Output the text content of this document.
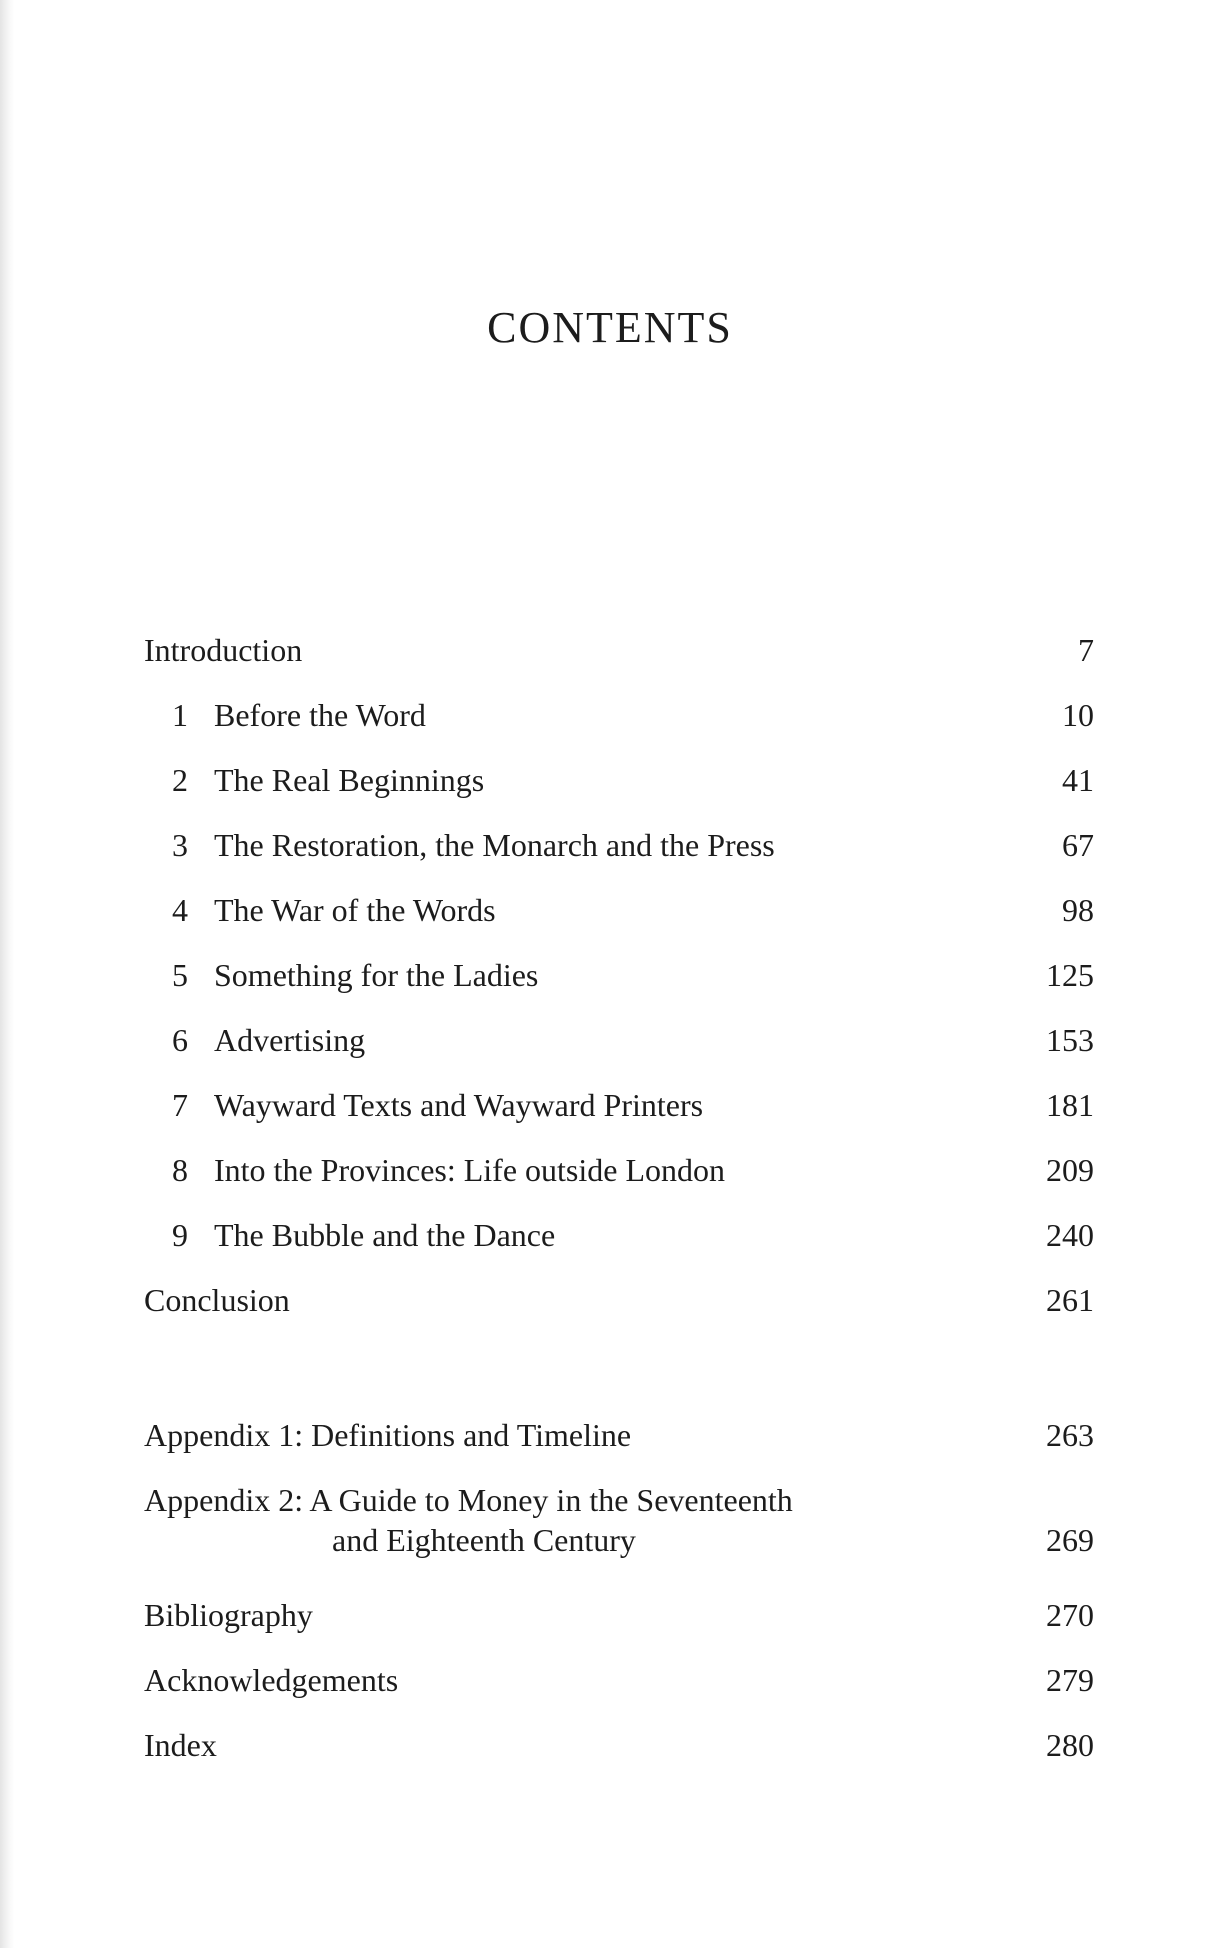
CONTENTS
Introduction	7
1 Before the Word	10
2 The Real Beginnings	41
3 The Restoration, the Monarch and the Press	67
4 The War of the Words	98
5 Something for the Ladies	125
6 Advertising	153
7 Wayward Texts and Wayward Printers	181
8 Into the Provinces: Life outside London	209
9 The Bubble and the Dance	240
Conclusion	261
Appendix 1: Definitions and Timeline	263
Appendix 2: A Guide to Money in the Seventeenth
and Eighteenth Century	269
Bibliography	270
Acknowledgements	279
Index	280
